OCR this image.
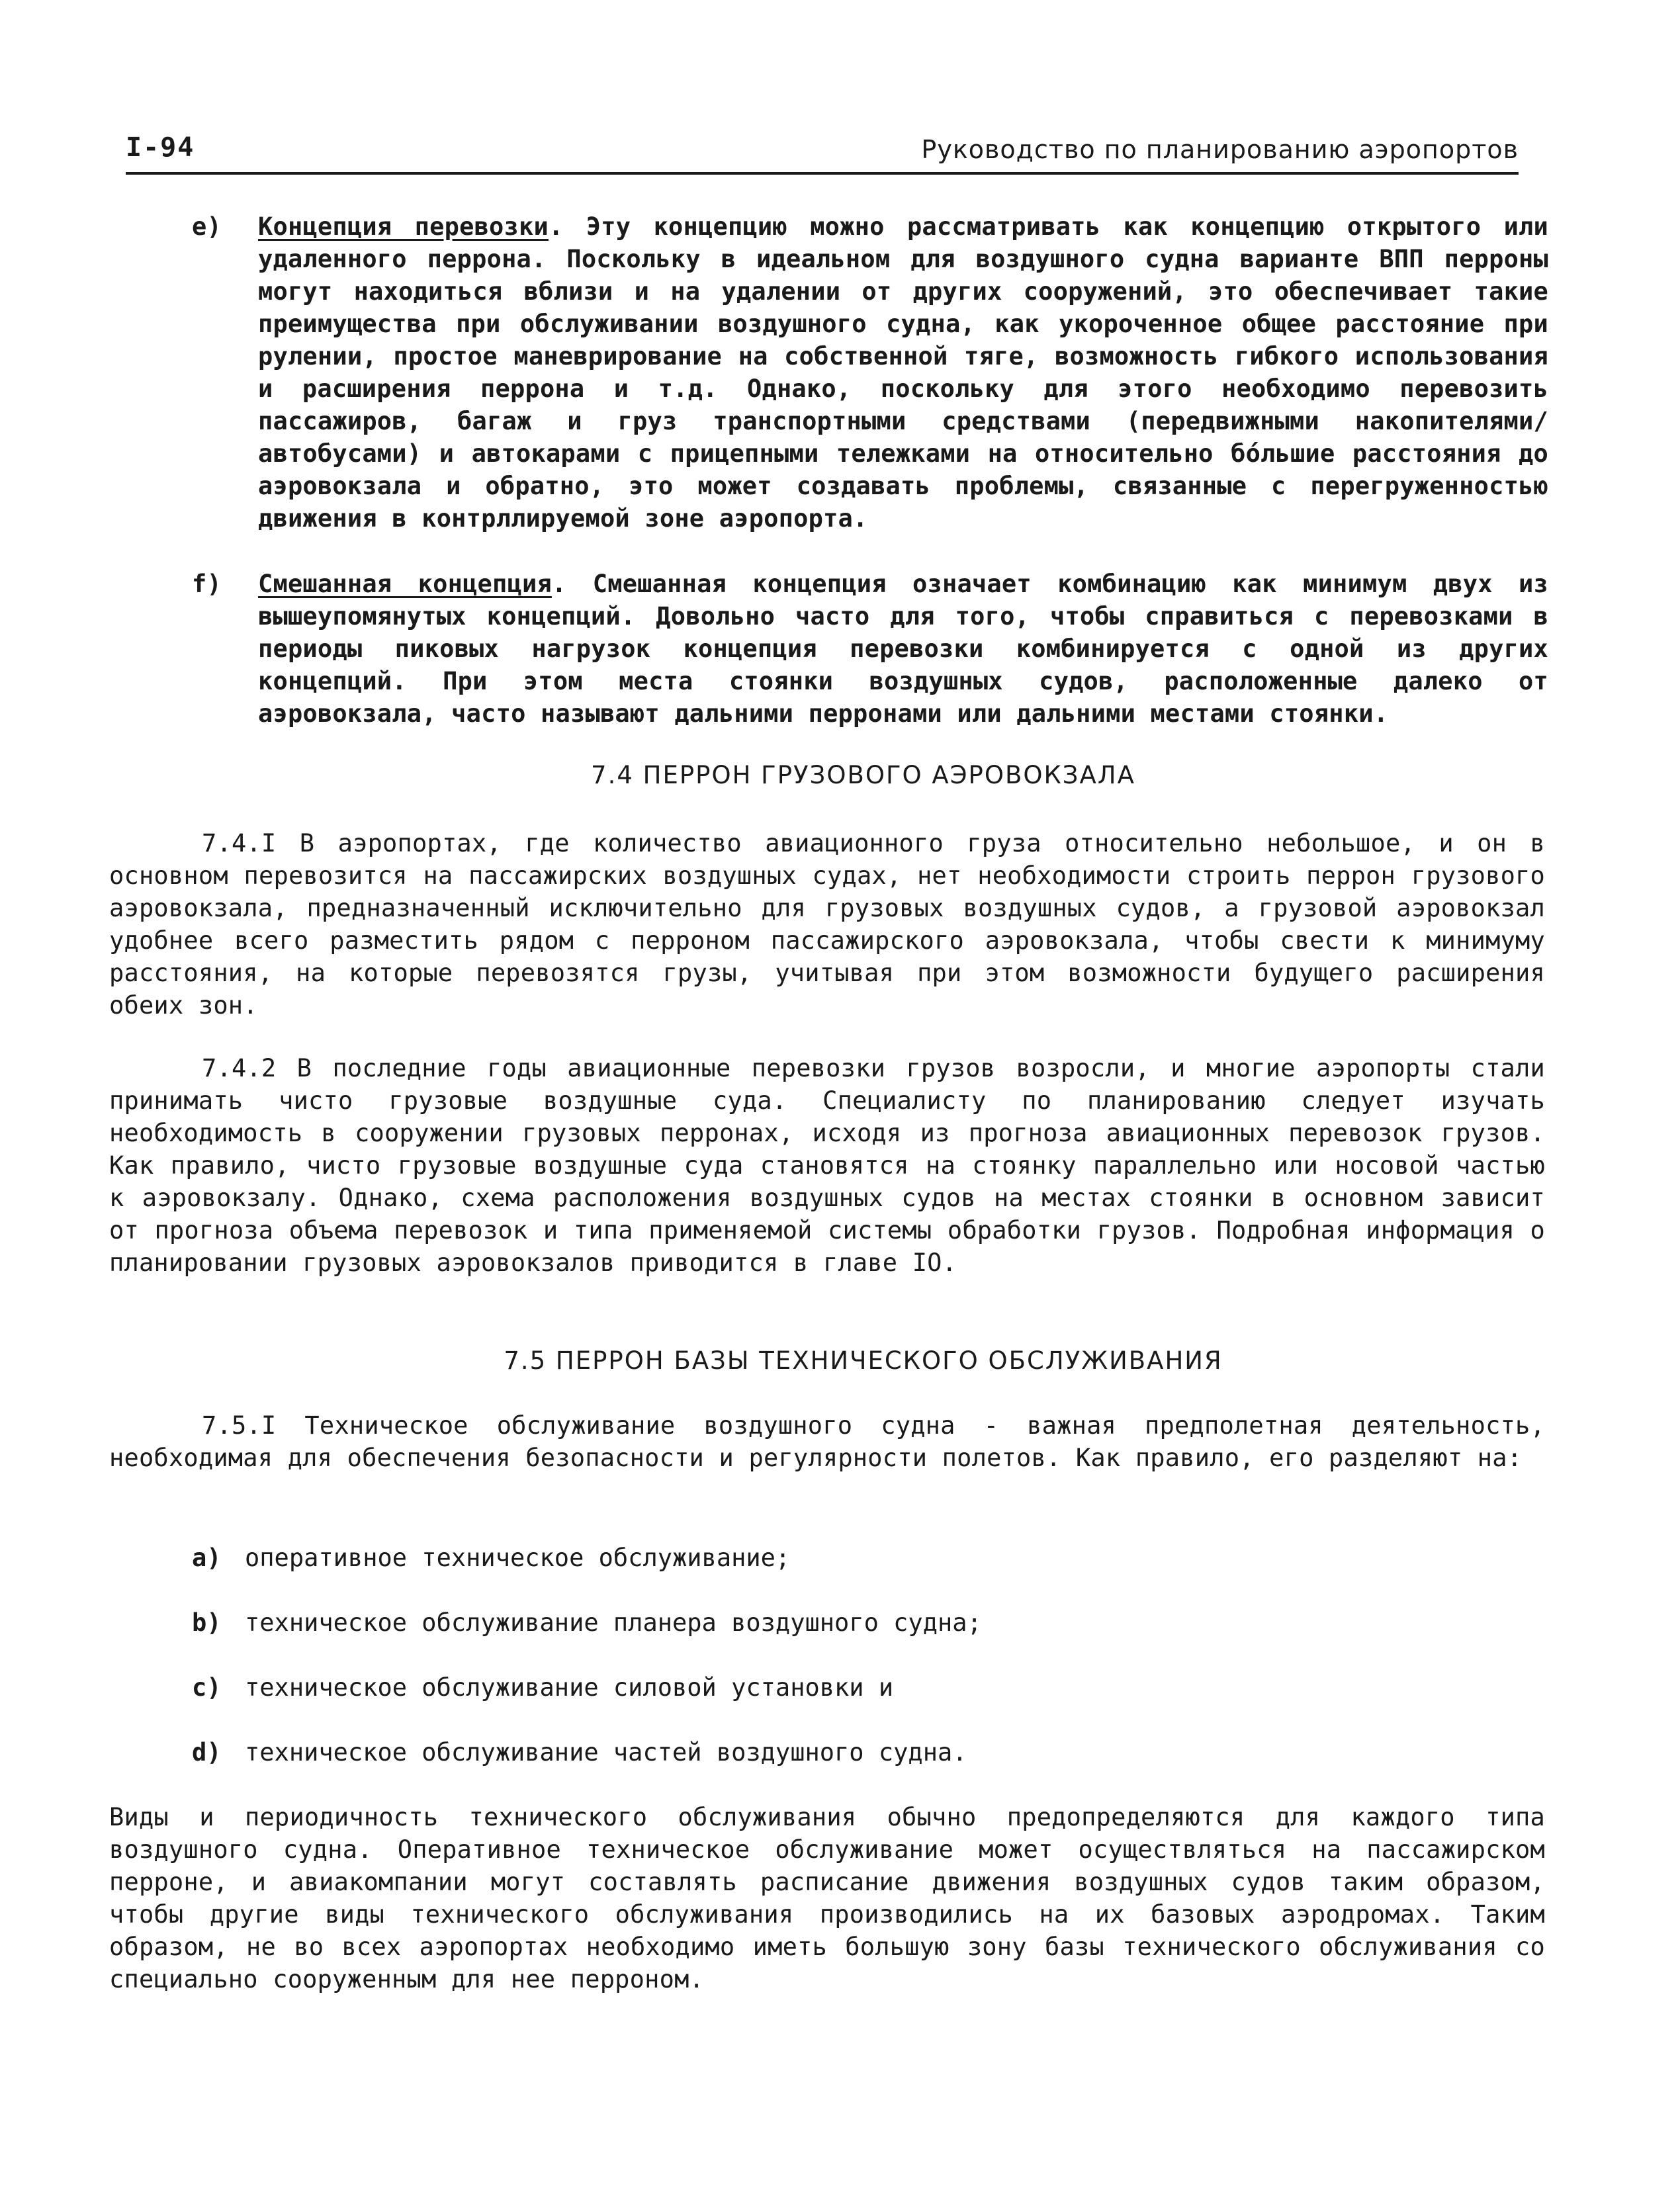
I-94	Руководство по планированию аэропортов
e) Концепция перевозки. Эту концепцию можно рассматривать как концепцию открытого или удаленного перрона. Поскольку в идеальном для воздушного судна варианте ВПП перроны могут находиться вблизи и на удалении от других сооружений, это обеспечивает такие преимущества при обслуживании воздушного судна, как укороченное общее расстояние при рулении, простое маневрирование на собственной тяге, возможность гибкого использования и расширения перрона и т.д. Однако, поскольку для этого необходимо перевозить пассажиров, багаж и груз транспортными средствами (передвижными накопителями/автобусами) и автокарами с прицепными тележками на относительно бо́льшие расстояния до аэровокзала и обратно, это может создавать проблемы, связанные с перегруженностью движения в контрллируемой зоне аэропорта.
f) Смешанная концепция. Смешанная концепция означает комбинацию как минимум двух из вышеупомянутых концепций. Довольно часто для того, чтобы справиться с перевозками в периоды пиковых нагрузок концепция перевозки комбинируется с одной из других концепций. При этом места стоянки воздушных судов, расположенные далеко от аэровокзала, часто называют дальними перронами или дальними местами стоянки.
7.4 ПЕРРОН ГРУЗОВОГО АЭРОВОКЗАЛА
7.4.I В аэропортах, где количество авиационного груза относительно небольшое, и он в основном перевозится на пассажирских воздушных судах, нет необходимости строить перрон грузового аэровокзала, предназначенный исключительно для грузовых воздушных судов, а грузовой аэровокзал удобнее всего разместить рядом с перроном пассажирского аэровокзала, чтобы свести к минимуму расстояния, на которые перевозятся грузы, учитывая при этом возможности будущего расширения обеих зон.
7.4.2 В последние годы авиационные перевозки грузов возросли, и многие аэропорты стали принимать чисто грузовые воздушные суда. Специалисту по планированию следует изучать необходимость в сооружении грузовых перронах, исходя из прогноза авиационных перевозок грузов. Как правило, чисто грузовые воздушные суда становятся на стоянку параллельно или носовой частью к аэровокзалу. Однако, схема расположения воздушных судов на местах стоянки в основном зависит от прогноза объема перевозок и типа применяемой системы обработки грузов. Подробная информация о планировании грузовых аэровокзалов приводится в главе IO.
7.5 ПЕРРОН БАЗЫ ТЕХНИЧЕСКОГО ОБСЛУЖИВАНИЯ
7.5.I Техническое обслуживание воздушного судна - важная предполетная деятельность, необходимая для обеспечения безопасности и регулярности полетов. Как правило, его разделяют на:
a) оперативное техническое обслуживание;
b) техническое обслуживание планера воздушного судна;
c) техническое обслуживание силовой установки и
d) техническое обслуживание частей воздушного судна.
Виды и периодичность технического обслуживания обычно предопределяются для каждого типа воздушного судна. Оперативное техническое обслуживание может осуществляться на пассажирском перроне, и авиакомпании могут составлять расписание движения воздушных судов таким образом, чтобы другие виды технического обслуживания производились на их базовых аэродромах. Таким образом, не во всех аэропортах необходимо иметь большую зону базы технического обслуживания со специально сооруженным для нее перроном.
